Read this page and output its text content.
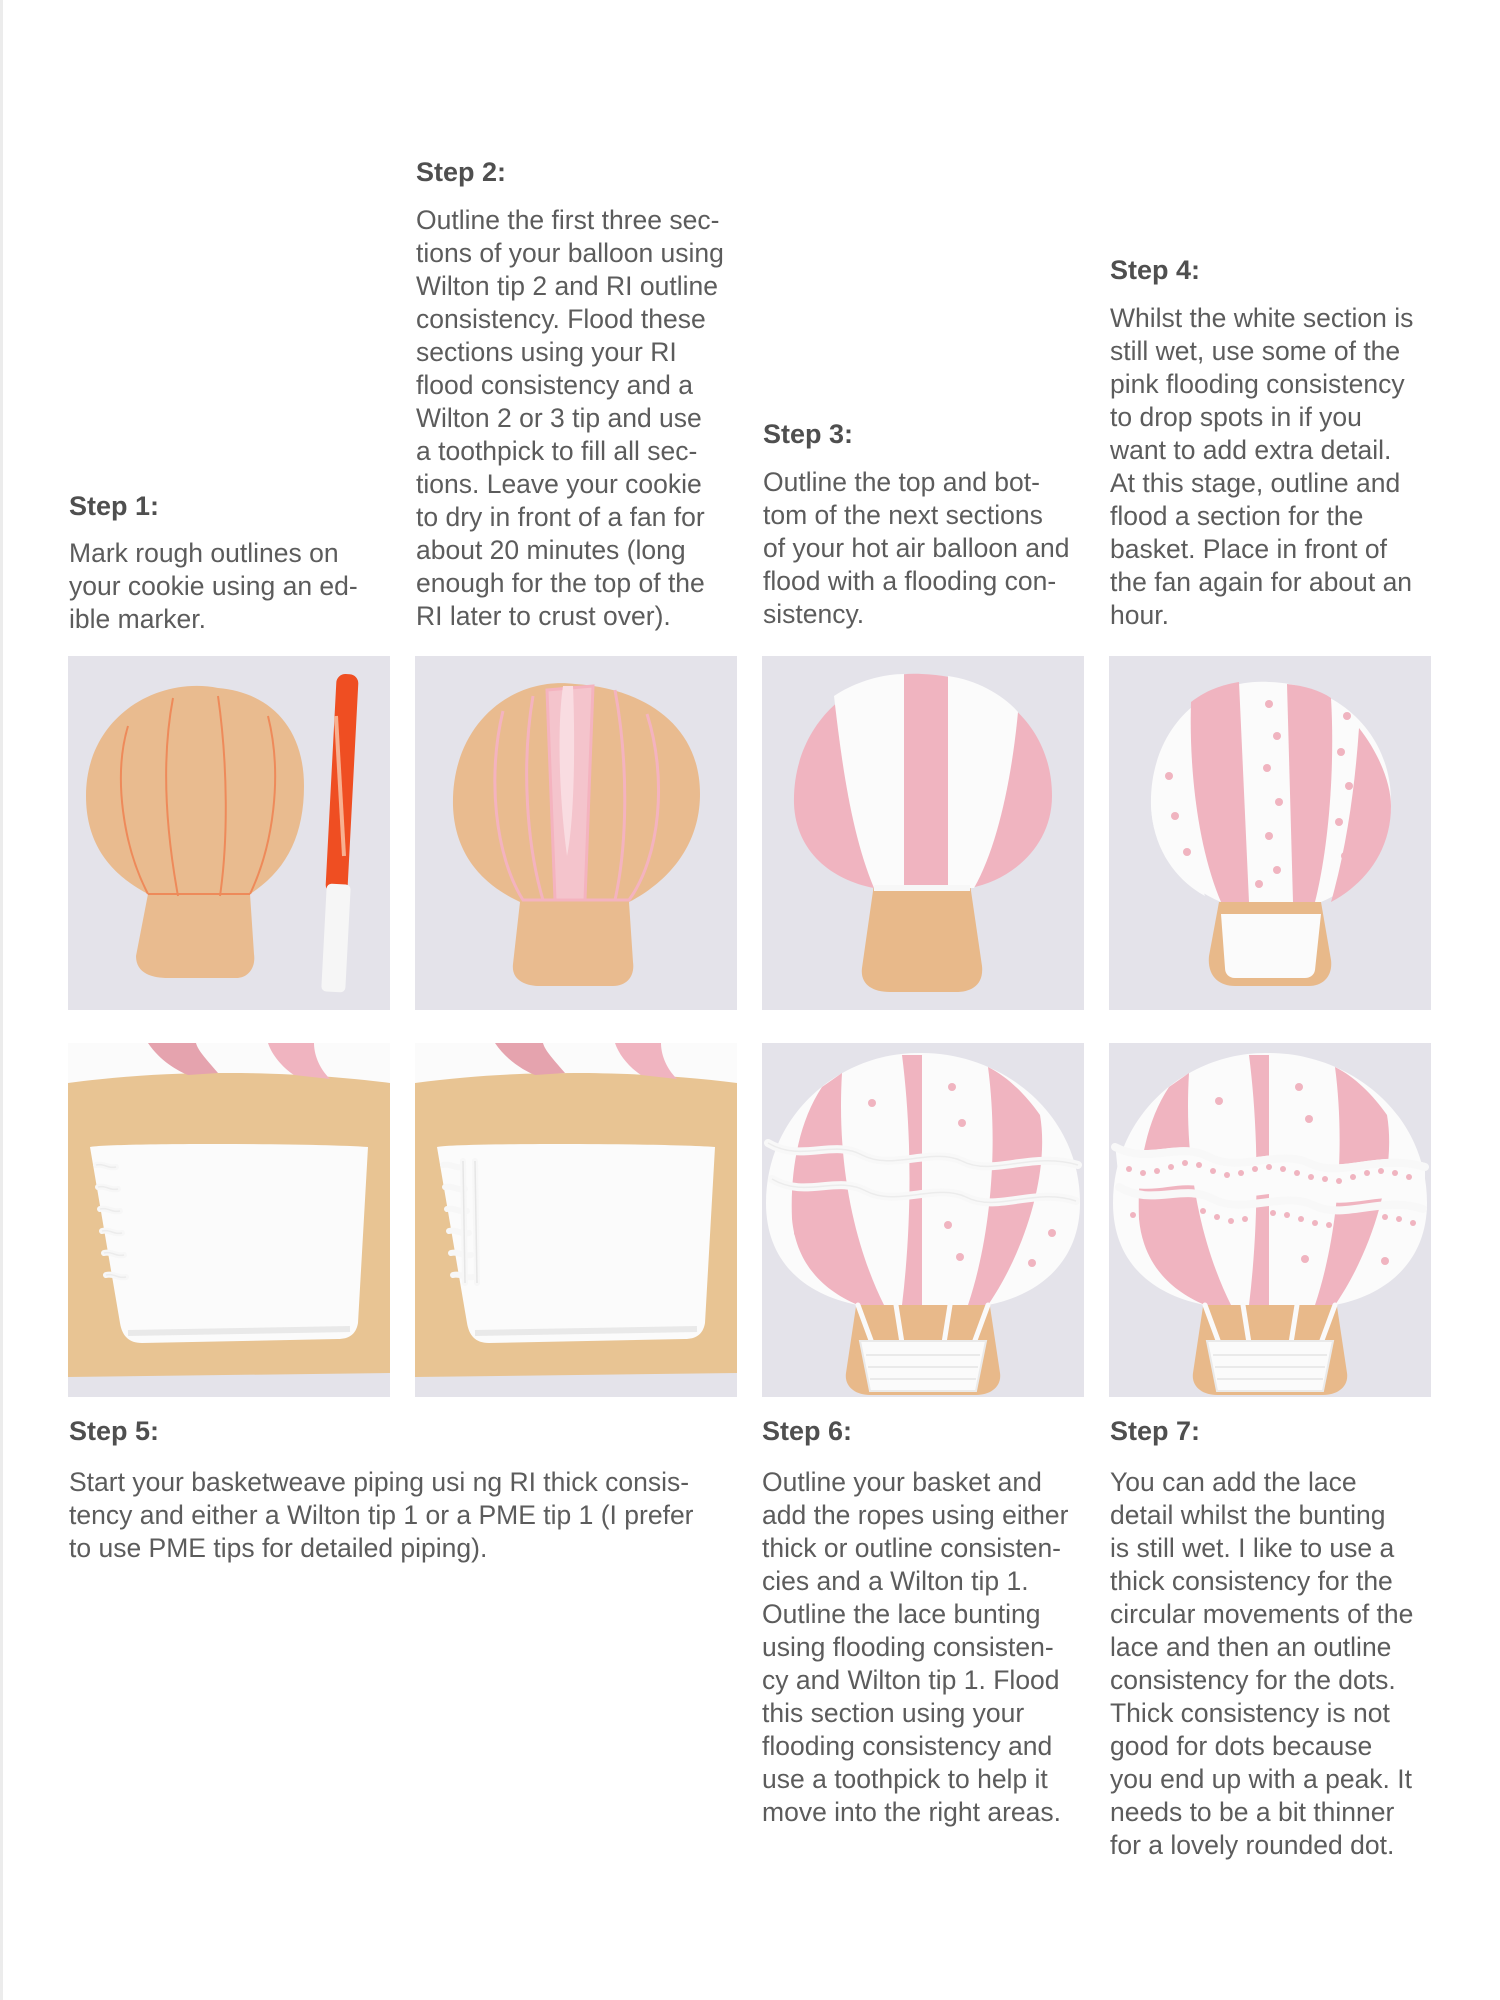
Step 1:
Step 2:
Step 3:
Step 4:
Step 5:	Step 6:	Step 7:
Mark rough outlines on
your cookie using an ed-
ible marker.
Outline the first three sec-
tions of your balloon using
Wilton tip 2 and RI outline
consistency. Flood these
sections using your RI
flood consistency and a
Wilton 2 or 3 tip and use
a toothpick to fill all sec-
tions. Leave your cookie
to dry in front of a fan for
about 20 minutes (long
enough for the top of the
RI later to crust over).
Outline the top and bot-
tom of the next sections
of your hot air balloon and
flood with a flooding con-
sistency.
Whilst the white section is
still wet, use some of the
pink flooding consistency
to drop spots in if you
want to add extra detail.
At this stage, outline and
flood a section for the
basket. Place in front of
the fan again for about an
hour.
Start your basketweave piping usi ng RI thick consis-
tency and either a Wilton tip 1 or a PME tip 1 (I prefer
to use PME tips for detailed piping).
Outline your basket and
add the ropes using either
thick or outline consisten-
cies and a Wilton tip 1.
Outline the lace bunting
using flooding consisten-
cy and Wilton tip 1. Flood
this section using your
flooding consistency and
use a toothpick to help it
move into the right areas.
You can add the lace
detail whilst the bunting
is still wet. I like to use a
thick consistency for the
circular movements of the
lace and then an outline
consistency for the dots.
Thick consistency is not
good for dots because
you end up with a peak. It
needs to be a bit thinner
for a lovely rounded dot.
